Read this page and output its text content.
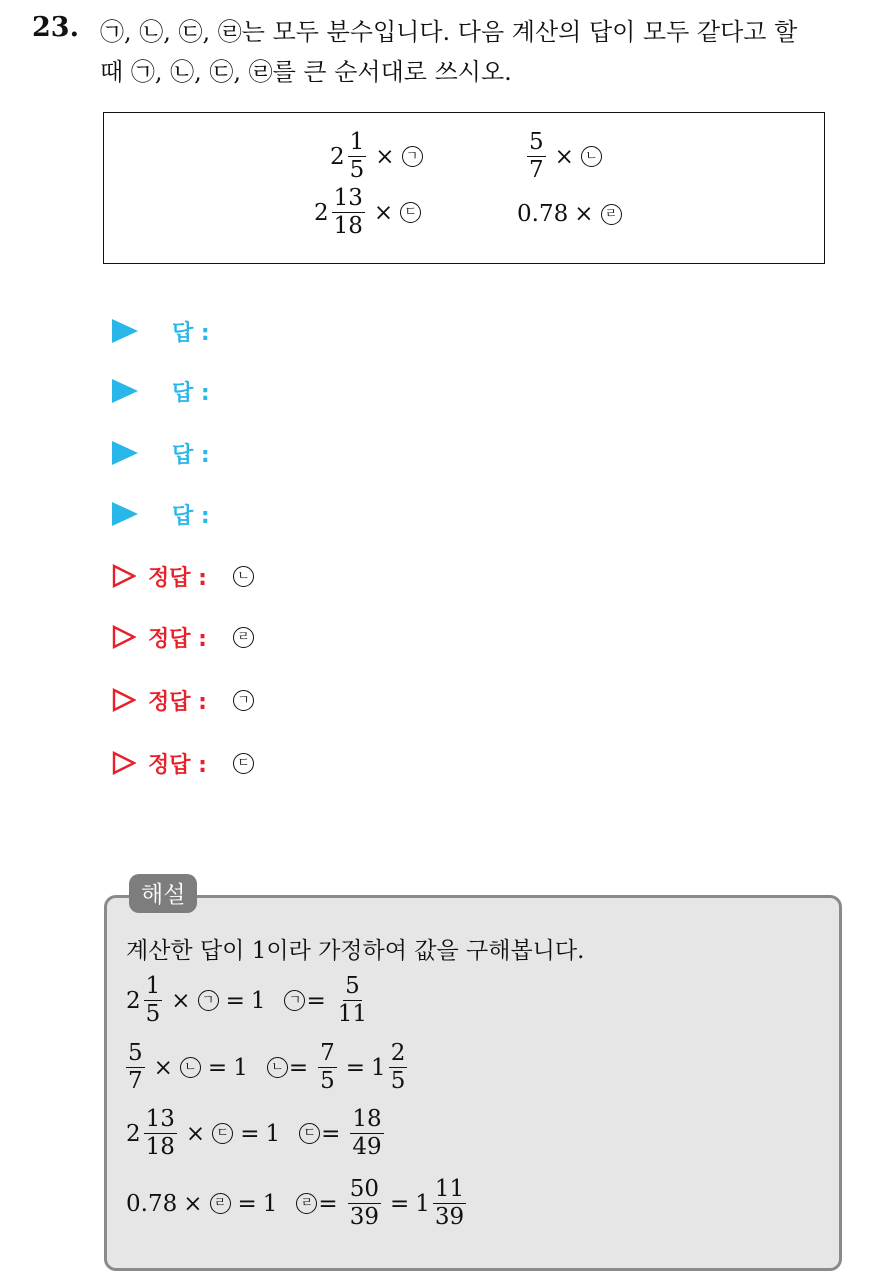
23. ㉠, ㉡, ㉢, ㉣는 모두 분수입니다. 다음 계산의 답이 모두 같다고 할
때 ㉠, ㉡, ㉢, ㉣를 큰 순서대로 쓰시오.
$2 \frac{1}{5}$ × ㄱ	$\frac{5}{7}$ × ㄴ
$2 \frac{13}{18}$ × ㄷ	0.78 × ㄹ
답 :
답 :
답 :
답 :
정답 :	ㄴ
정답 :	ㄹ
정답 :	ㄱ
정답 :	ㄷ
해설
계산한 답이 1이라 가정하여 값을 구해봅니다.
$2 \frac{1}{5}$ × ㄱ = 1	ㄱ = $\frac{5}{11}$
$\frac{5}{7}$ × ㄴ = 1	ㄴ = $\frac{7}{5} = 1 \frac{2}{5}$
$2 \frac{13}{18}$ × ㄷ = 1	ㄷ = $\frac{18}{49}$
0.78 × ㄹ = 1	ㄹ = $\frac{50}{39} = 1 \frac{11}{39}$
